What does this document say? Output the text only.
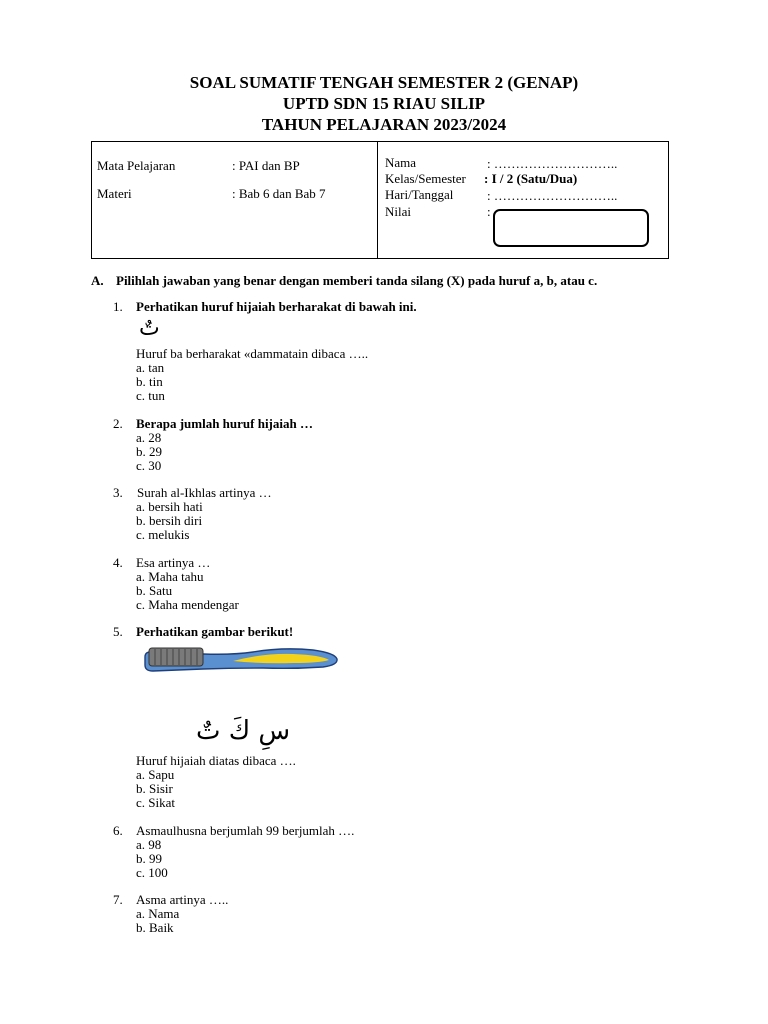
SOAL SUMATIF TENGAH SEMESTER 2 (GENAP)
UPTD SDN 15 RIAU SILIP
TAHUN PELAJARAN 2023/2024
Mata Pelajaran	: PAI dan BP
Materi	: Bab 6 dan Bab 7
Nama	: ………………………..
Kelas/Semester : I / 2 (Satu/Dua)
Hari/Tanggal	: ………………………..
Nilai	:
A. Pilihlah jawaban yang benar dengan memberi tanda silang (X) pada huruf a, b, atau c.
1. Perhatikan huruf hijaiah berharakat di bawah ini.
تٌ
Huruf ba berharakat «dammatain dibaca …..
a. tan
b. tin
c. tun
2. Berapa jumlah huruf hijaiah …
a. 28
b. 29
c. 30
3. Surah al-Ikhlas artinya …
a. bersih hati
b. bersih diri
c. melukis
4. Esa artinya …
a. Maha tahu
b. Satu
c. Maha mendengar
5. Perhatikan gambar berikut!
سِ كَ تٌ
Huruf hijaiah diatas dibaca ….
a. Sapu
b. Sisir
c. Sikat
6. Asmaulhusna berjumlah 99 berjumlah ….
a. 98
b. 99
c. 100
7. Asma artinya …..
a. Nama
b. Baik
